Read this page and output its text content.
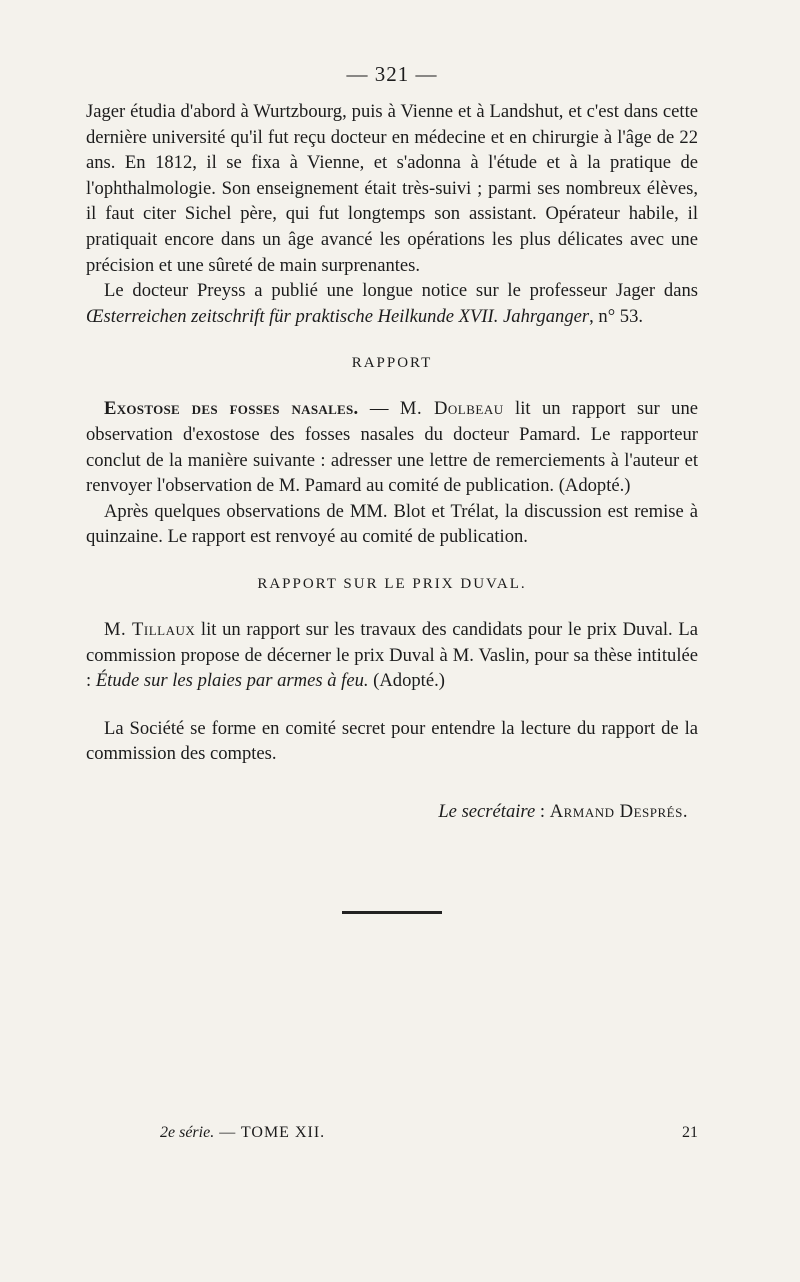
— 321 —

Jager étudia d'abord à Wurtzbourg, puis à Vienne et à Landshut, et c'est dans cette dernière université qu'il fut reçu docteur en médecine et en chirurgie à l'âge de 22 ans. En 1812, il se fixa à Vienne, et s'adonna à l'étude et à la pratique de l'ophthalmologie. Son enseignement était très-suivi ; parmi ses nombreux élèves, il faut citer Sichel père, qui fut longtemps son assistant. Opérateur habile, il pratiquait encore dans un âge avancé les opérations les plus délicates avec une précision et une sûreté de main surprenantes.

Le docteur Preyss a publié une longue notice sur le professeur Jager dans Œsterreichen zeitschrift für praktische Heilkunde XVII. Jahrganger, n° 53.

RAPPORT

Exostose des fosses nasales. — M. Dolbeau lit un rapport sur une observation d'exostose des fosses nasales du docteur Pamard. Le rapporteur conclut de la manière suivante : adresser une lettre de remerciements à l'auteur et renvoyer l'observation de M. Pamard au comité de publication. (Adopté.)

Après quelques observations de MM. Blot et Trélat, la discussion est remise à quinzaine. Le rapport est renvoyé au comité de publication.

RAPPORT SUR LE PRIX DUVAL.

M. Tillaux lit un rapport sur les travaux des candidats pour le prix Duval. La commission propose de décerner le prix Duval à M. Vaslin, pour sa thèse intitulée : Étude sur les plaies par armes à feu. (Adopté.)

La Société se forme en comité secret pour entendre la lecture du rapport de la commission des comptes.

Le secrétaire : Armand Després.
2e série. — TOME XII.	21
